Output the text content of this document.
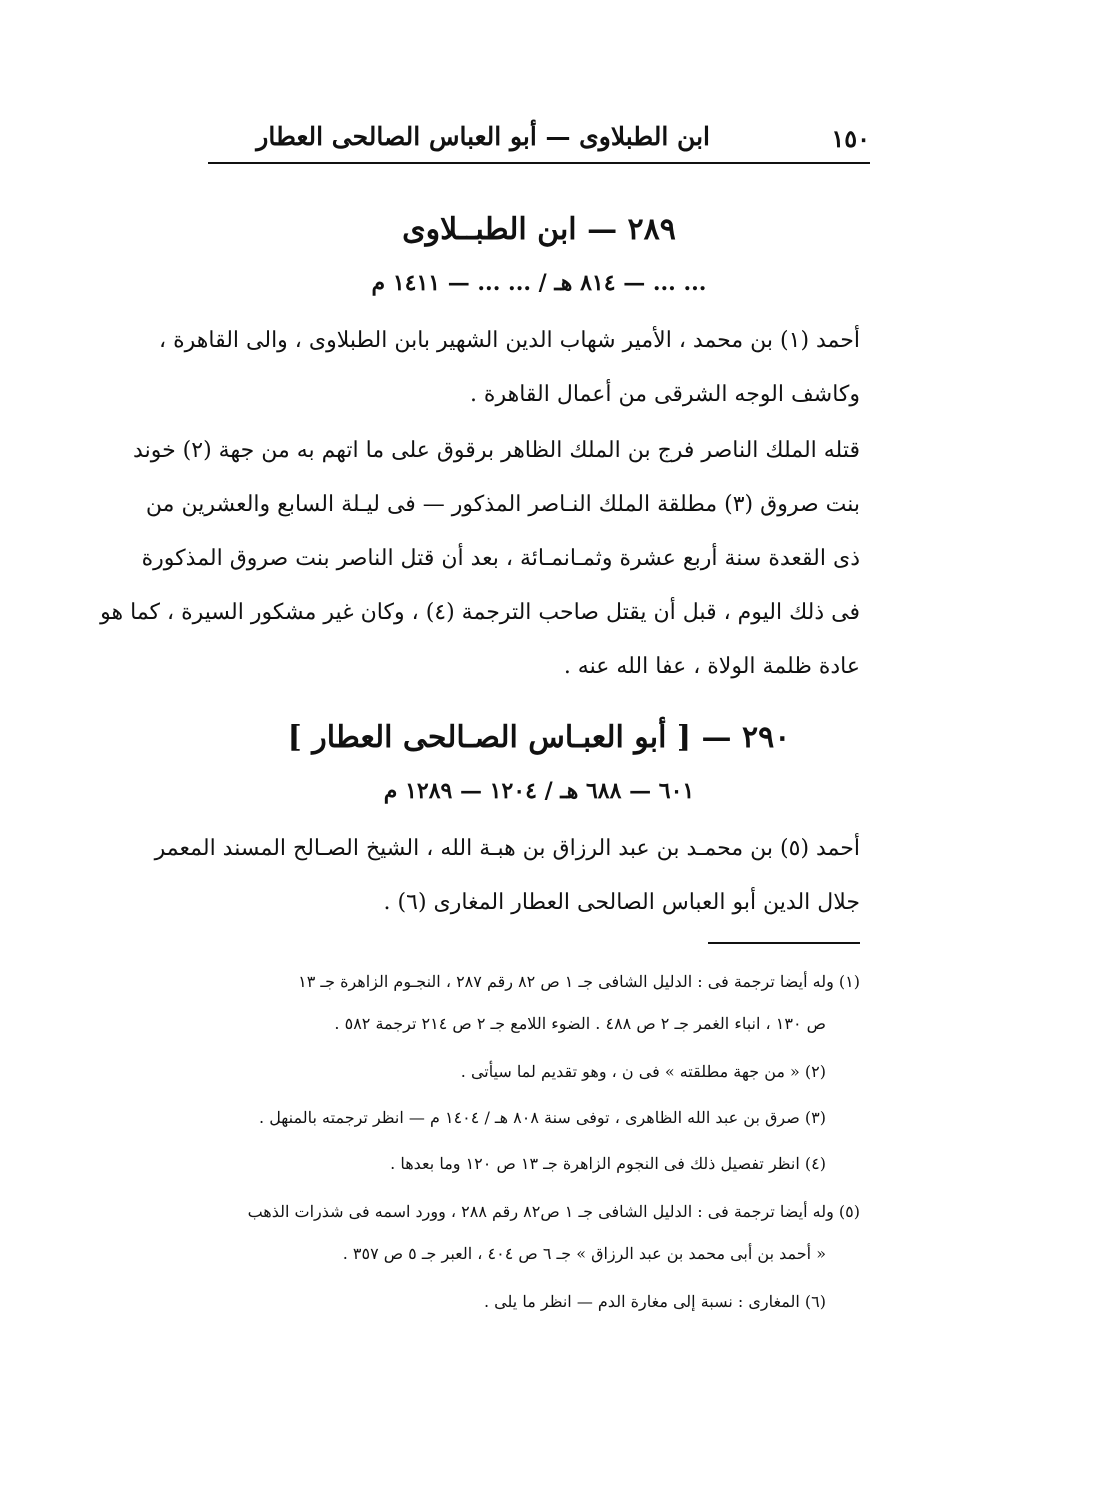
ابن الطبلاوى — أبو العباس الصالحى العطار	١٥٠
٢٨٩ — ابن الطبــلاوى
... ... — ٨١٤ هـ / ... ... — ١٤١١ م
أحمد (١) بن محمد ، الأمير شهاب الدين الشهير بابن الطبلاوى ، والى القاهرة ،
وكاشف الوجه الشرقى من أعمال القاهرة .
قتله الملك الناصر فرج بن الملك الظاهر برقوق على ما اتهم به من جهة (٢) خوند
بنت صروق (٣) مطلقة الملك النـاصر المذكور — فى ليـلة السابع والعشرين من
ذى القعدة سنة أربع عشرة وثمـانمـائة ، بعد أن قتل الناصر بنت صروق المذكورة
فى ذلك اليوم ، قبل أن يقتل صاحب الترجمة (٤) ، وكان غير مشكور السيرة ، كما هو
عادة ظلمة الولاة ، عفا الله عنه .
٢٩٠ — [ أبو العبـاس الصـالحى العطار ]
٦٠١ — ٦٨٨ هـ / ١٢٠٤ — ١٢٨٩ م
أحمد (٥) بن محمـد بن عبد الرزاق بن هبـة الله ، الشيخ الصـالح المسند المعمر
جلال الدين أبو العباس الصالحى العطار المغارى (٦) .
(١) وله أيضا ترجمة فى : الدليل الشافى جـ ١ ص ٨٢ رقم ٢٨٧ ، النجـوم الزاهرة جـ ١٣
ص ١٣٠ ، انباء الغمر جـ ٢ ص ٤٨٨ . الضوء اللامع جـ ٢ ص ٢١٤ ترجمة ٥٨٢ .
(٢) « من جهة مطلقته » فى ن ، وهو تقديم لما سيأتى .
(٣) صرق بن عبد الله الظاهرى ، توفى سنة ٨٠٨ هـ / ١٤٠٤ م — انظر ترجمته بالمنهل .
(٤) انظر تفصيل ذلك فى النجوم الزاهرة جـ ١٣ ص ١٢٠ وما بعدها .
(٥) وله أيضا ترجمة فى : الدليل الشافى جـ ١ ص٨٢ رقم ٢٨٨ ، وورد اسمه فى شذرات الذهب
« أحمد بن أبى محمد بن عبد الرزاق » جـ ٦ ص ٤٠٤ ، العبر جـ ٥ ص ٣٥٧ .
(٦) المغارى : نسبة إلى مغارة الدم — انظر ما يلى .
